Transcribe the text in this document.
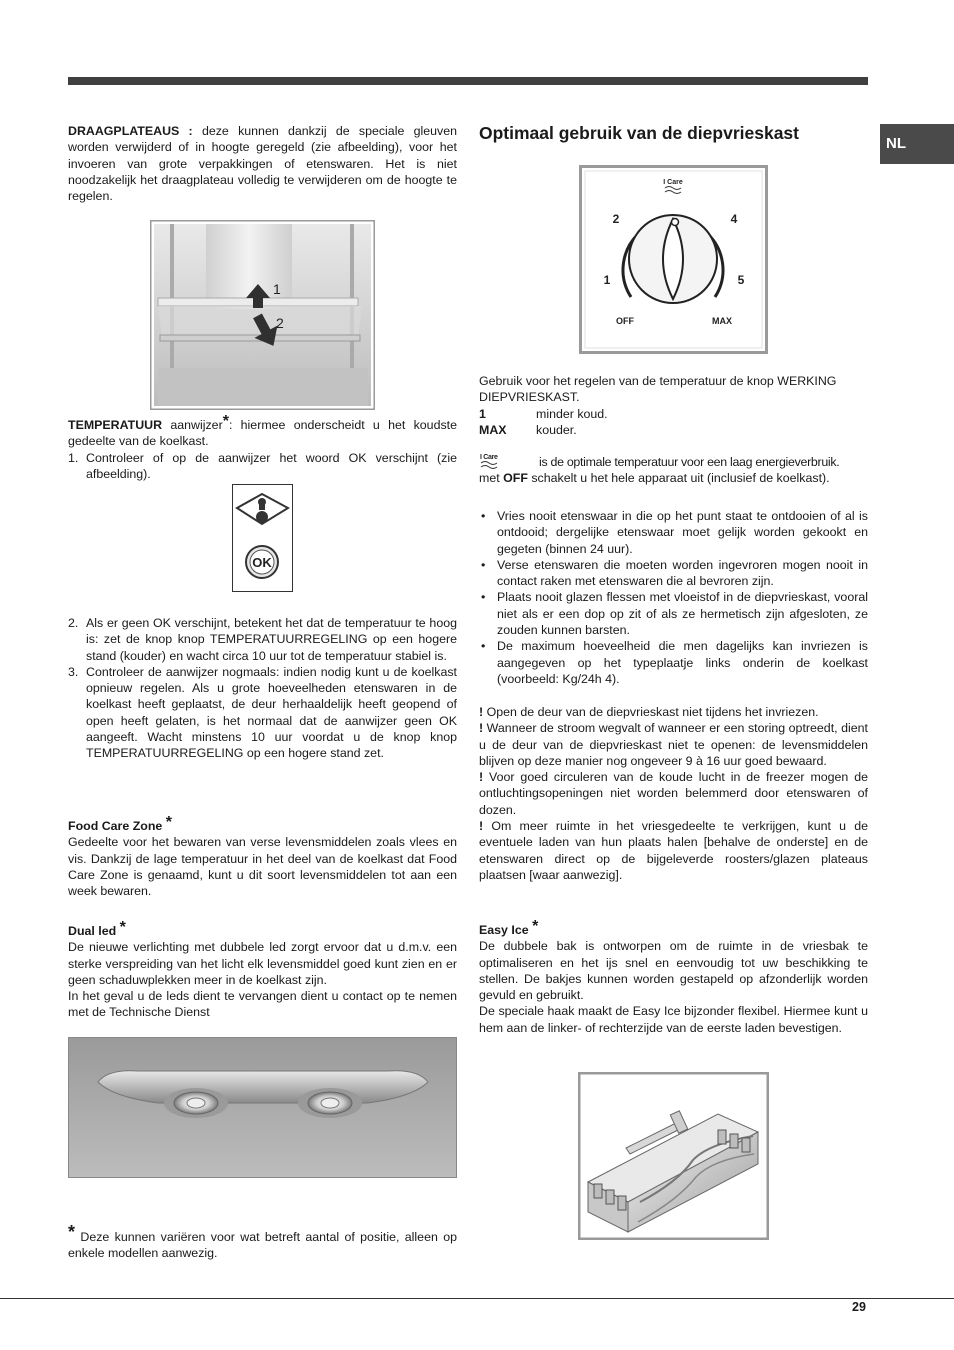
NL

DRAAGPLATEAUS : deze kunnen dankzij de speciale gleuven worden verwijderd of in hoogte geregeld (zie afbeelding), voor het invoeren van grote verpakkingen of etenswaren. Het is niet noodzakelijk het draagplateau volledig te verwijderen om de hoogte te regelen.

1
2

TEMPERATUUR aanwijzer*: hiermee onderscheidt u het koudste gedeelte van de koelkast.

1. Controleer of op de aanwijzer het woord OK verschijnt (zie afbeelding).
OK
2. Als er geen OK verschijnt, betekent het dat de temperatuur te hoog is: zet de knop knop TEMPERATUURREGELING op een hogere stand (kouder) en wacht circa 10 uur tot de temperatuur stabiel is.
3. Controleer de aanwijzer nogmaals: indien nodig kunt u de koelkast opnieuw regelen. Als u grote hoeveelheden etenswaren in de koelkast heeft geplaatst, de deur herhaaldelijk heeft geopend of open heeft gelaten, is het normaal dat de aanwijzer geen OK aangeeft. Wacht minstens 10 uur voordat u de knop knop TEMPERATUURREGELING op een hogere stand zet.

Food Care Zone *

Gedeelte voor het bewaren van verse levensmiddelen zoals vlees en vis. Dankzij de lage temperatuur in het deel van de koelkast dat Food Care Zone is genaamd, kunt u dit soort levensmiddelen tot aan een week bewaren.

Dual led *

De nieuwe verlichting met dubbele led zorgt ervoor dat u d.m.v. een sterke verspreiding van het licht elk levensmiddel goed kunt zien en er geen schaduwplekken meer in de koelkast zijn.

In het geval u de leds dient te vervangen dient u contact op te nemen met de Technische Dienst

* Deze kunnen variëren voor wat betreft aantal of positie, alleen op enkele modellen aanwezig.

Optimaal gebruik van de diepvrieskast
I Care
2	4
1	5
OFF	MAX

Gebruik voor het regelen van de temperatuur de knop WERKING DIEPVRIESKAST.

1	minder koud.
MAX	kouder.

I Care	is de optimale temperatuur voor een laag energieverbruik.

met OFF schakelt u het hele apparaat uit (inclusief de koelkast).

• Vries nooit etenswaar in die op het punt staat te ontdooien of al is ontdooid; dergelijke etenswaar moet gelijk worden gekookt en gegeten (binnen 24 uur).
• Verse etenswaren die moeten worden ingevroren mogen nooit in contact raken met etenswaren die al bevroren zijn.
• Plaats nooit glazen flessen met vloeistof in de diepvrieskast, vooral niet als er een dop op zit of als ze hermetisch zijn afgesloten, ze zouden kunnen barsten.
• De maximum hoeveelheid die men dagelijks kan invriezen is aangegeven op het typeplaatje links onderin de koelkast (voorbeeld: Kg/24h 4).

! Open de deur van de diepvrieskast niet tijdens het invriezen.

! Wanneer de stroom wegvalt of wanneer er een storing optreedt, dient u de deur van de diepvrieskast niet te openen: de levensmiddelen blijven op deze manier nog ongeveer 9 à 16 uur goed bewaard.

! Voor goed circuleren van de koude lucht in de freezer mogen de ontluchtingsopeningen niet worden belemmerd door etenswaren of dozen.

! Om meer ruimte in het vriesgedeelte te verkrijgen, kunt u de eventuele laden van hun plaats halen [behalve de onderste] en de etenswaren direct op de bijgeleverde roosters/glazen plateaus plaatsen [waar aanwezig].

Easy Ice *

De dubbele bak is ontworpen om de ruimte in de vriesbak te optimaliseren en het ijs snel en eenvoudig tot uw beschikking te stellen. De bakjes kunnen worden gestapeld op afzonderlijk worden gevuld en gebruikt.

De speciale haak maakt de Easy Ice bijzonder flexibel. Hiermee kunt u hem aan de linker- of rechterzijde van de eerste laden bevestigen.

29
